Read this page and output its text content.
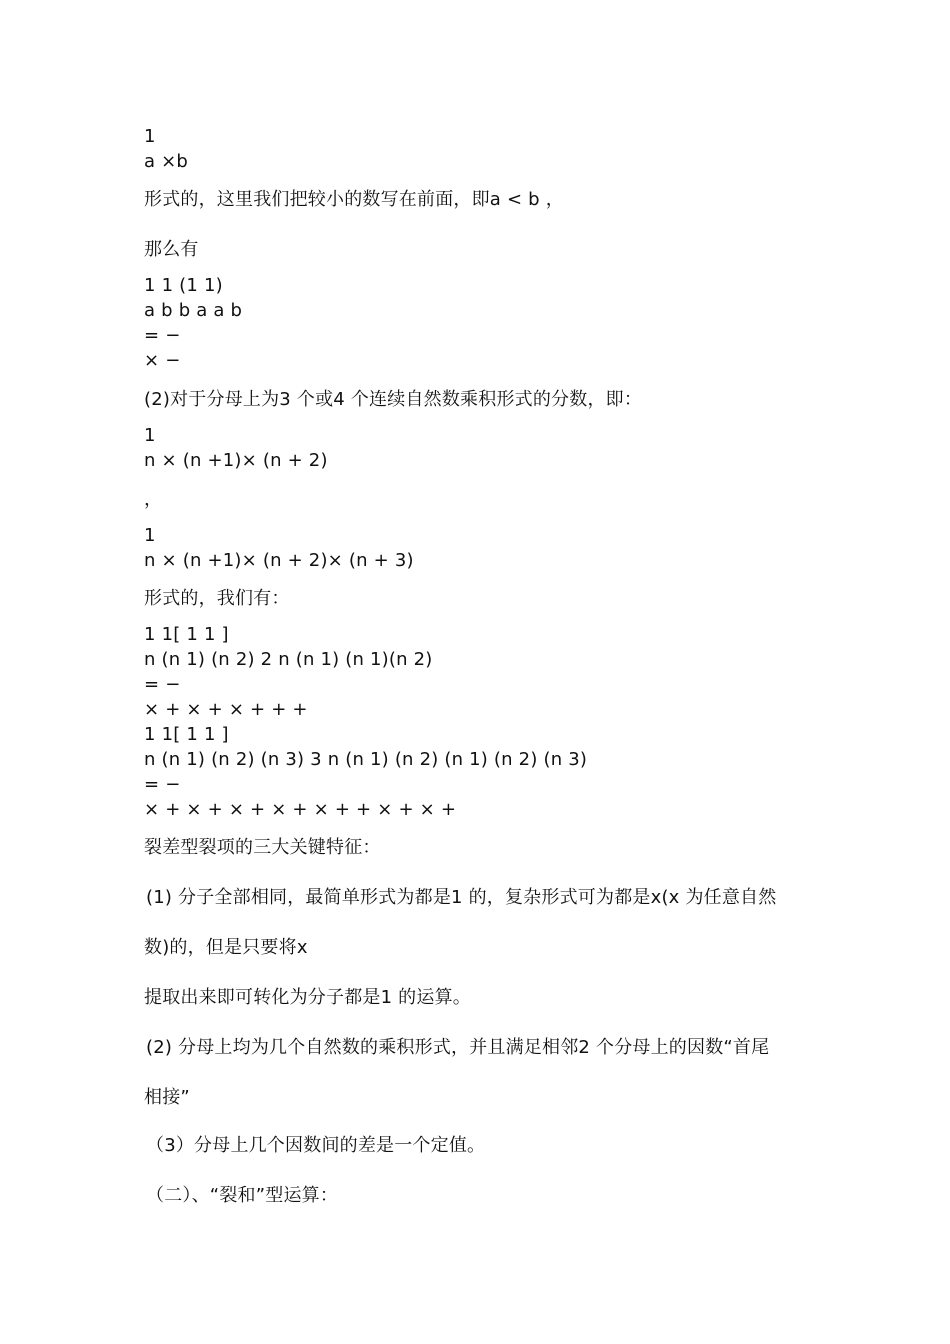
1
a ×b
形式的，这里我们把较小的数写在前面，即a < b ，
那么有
1 1 (1 1)
a b b a a b
= −
× −
(2)对于分母上为3 个或4 个连续自然数乘积形式的分数，即：
1
n × (n +1)× (n + 2)
，
1
n × (n +1)× (n + 2)× (n + 3)
形式的，我们有：
1 1[ 1 1 ]
n (n 1) (n 2) 2 n (n 1) (n 1)(n 2)
= −
× + × + × + + +
1 1[ 1 1 ]
n (n 1) (n 2) (n 3) 3 n (n 1) (n 2) (n 1) (n 2) (n 3)
= −
× + × + × + × + × + + × + × +
裂差型裂项的三大关键特征：
(1) 分子全部相同，最简单形式为都是1 的，复杂形式可为都是x(x 为任意自然
数)的，但是只要将x
提取出来即可转化为分子都是1 的运算。
(2) 分母上均为几个自然数的乘积形式，并且满足相邻2 个分母上的因数“首尾
相接”
（3）分母上几个因数间的差是一个定值。
（二）、“裂和”型运算：
